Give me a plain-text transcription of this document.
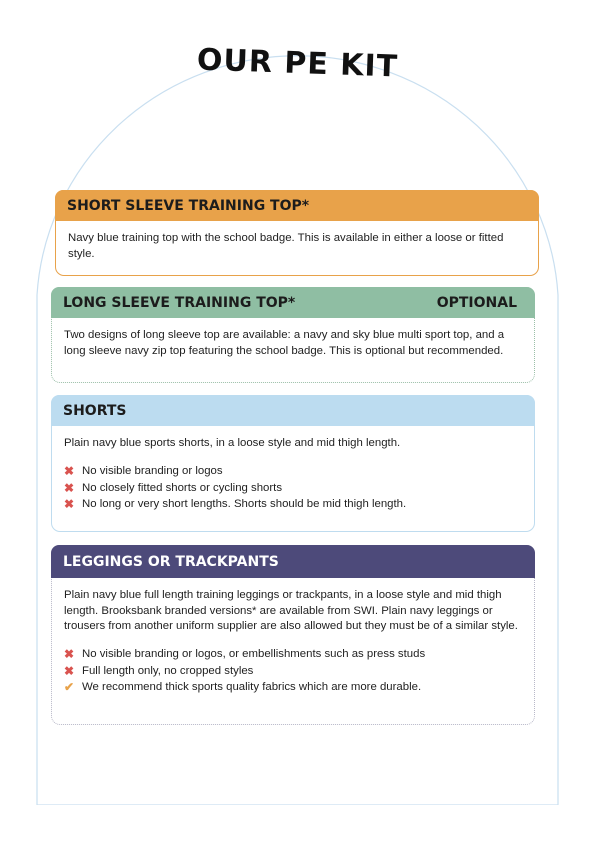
OUR PE KIT
SHORT SLEEVE TRAINING TOP*
Navy blue training top with the school badge. This is available in either a loose or fitted style.
LONG SLEEVE TRAINING TOP*	OPTIONAL
Two designs of long sleeve top are available: a navy and sky blue multi sport top, and a long sleeve navy zip top featuring the school badge. This is optional but recommended.
SHORTS
Plain navy blue sports shorts, in a loose style and mid thigh length.
✖ No visible branding or logos
✖ No closely fitted shorts or cycling shorts
✖ No long or very short lengths. Shorts should be mid thigh length.
LEGGINGS OR TRACKPANTS
Plain navy blue full length training leggings or trackpants, in a loose style and mid thigh length. Brooksbank branded versions* are available from SWI. Plain navy leggings or trousers from another uniform supplier are also allowed but they must be of a similar style.
✖ No visible branding or logos, or embellishments such as press studs
✖ Full length only, no cropped styles
✔ We recommend thick sports quality fabrics which are more durable.
